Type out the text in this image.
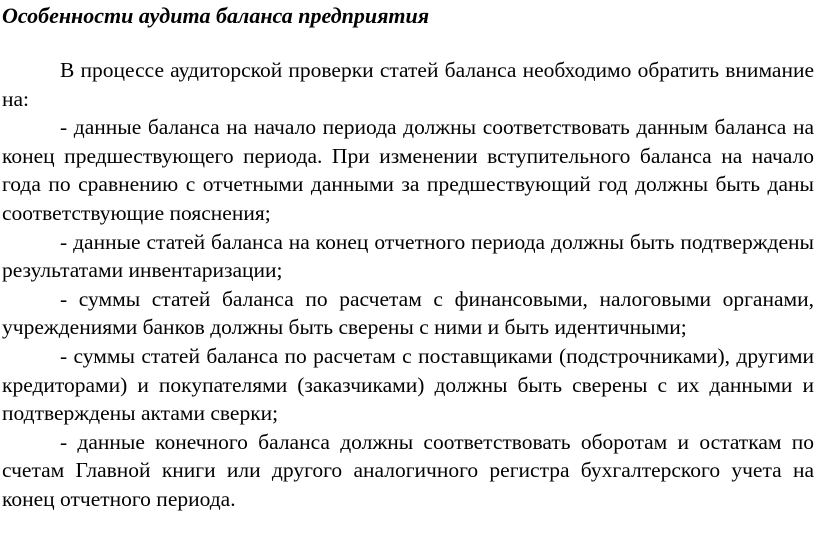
Особенности аудита баланса предприятия

В процессе аудиторской проверки статей баланса необходимо обратить внимание на:

- данные баланса на начало периода должны соответствовать данным баланса на конец предшествующего периода. При изменении вступительного баланса на начало года по сравнению с отчетными данными за предшествующий год должны быть даны соответствующие пояснения;

- данные статей баланса на конец отчетного периода должны быть подтверждены результатами инвентаризации;

- суммы статей баланса по расчетам с финансовыми, налоговыми органами, учреждениями банков должны быть сверены с ними и быть идентичными;

- суммы статей баланса по расчетам с поставщиками (подстрочниками), другими кредиторами) и покупателями (заказчиками) должны быть сверены с их данными и подтверждены актами сверки;

- данные конечного баланса должны соответствовать оборотам и остаткам по счетам Главной книги или другого аналогичного регистра бухгалтерского учета на конец отчетного периода.
